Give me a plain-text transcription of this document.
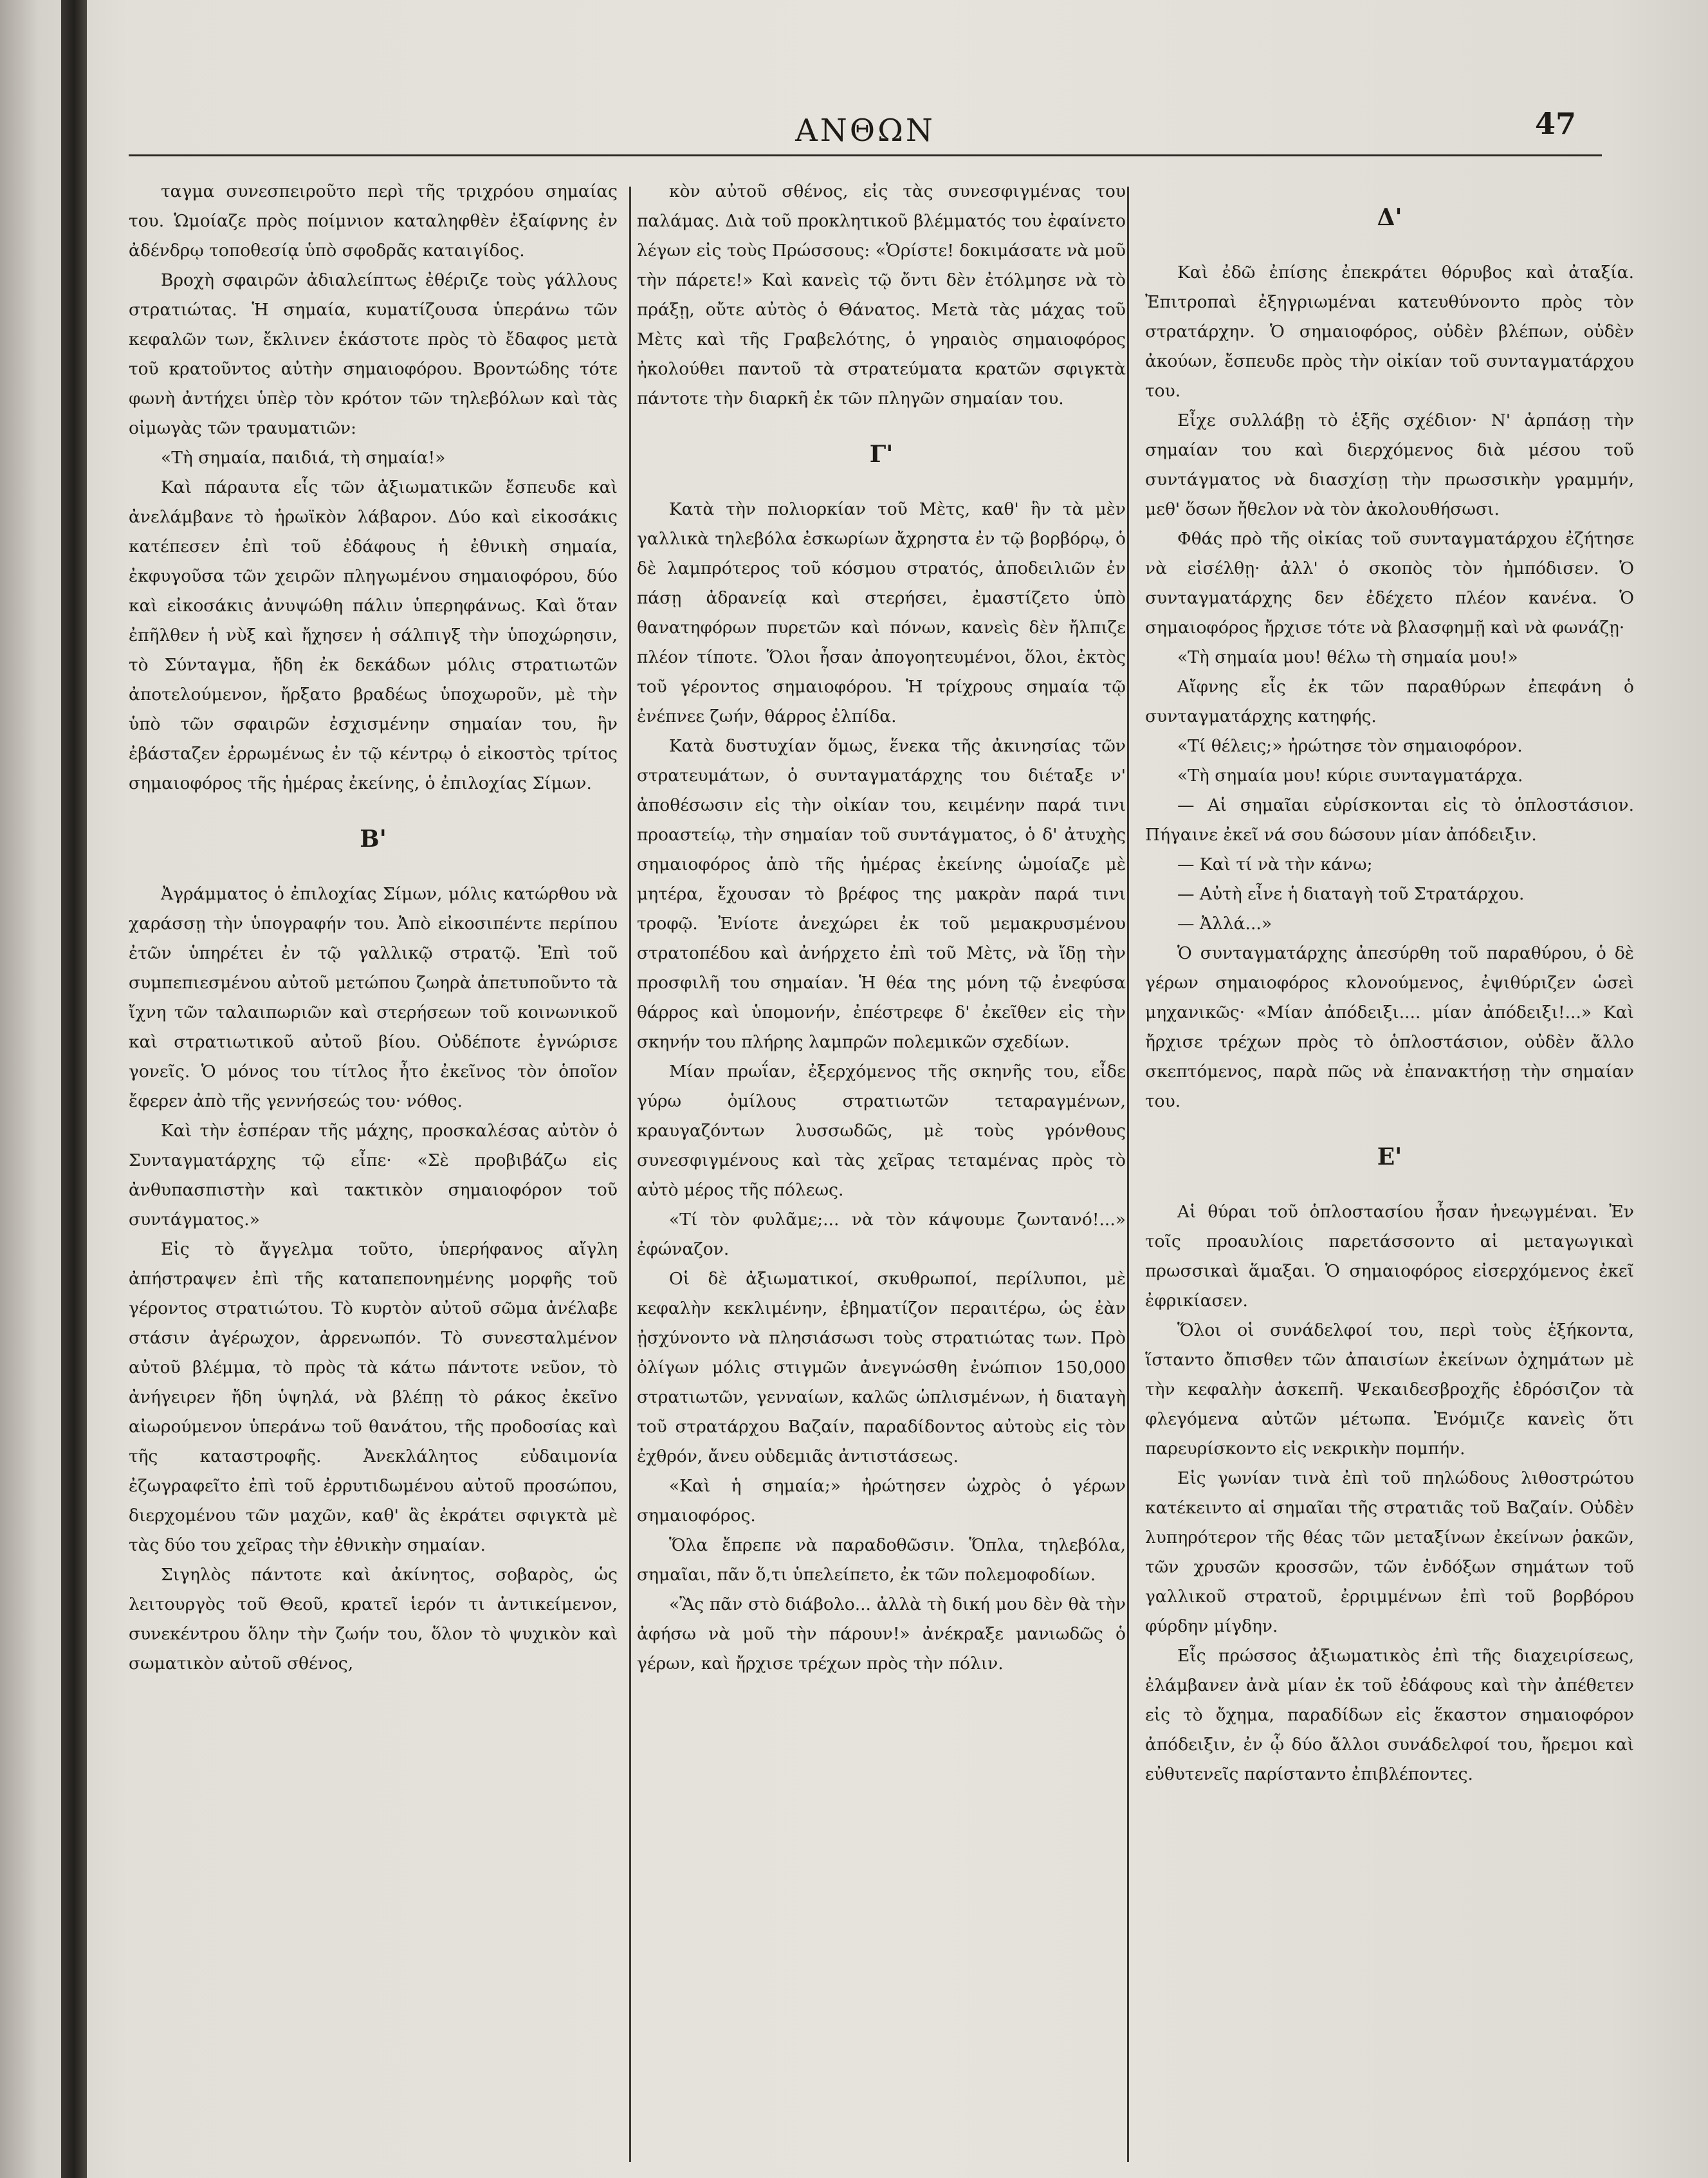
ΑΝΘΩΝ	47

ταγμα συνεσπειροῦτο περὶ τῆς τριχρόου σημαίας του. Ὡμοίαζε πρὸς ποίμνιον καταληφθὲν ἐξαίφνης ἐν ἀδένδρῳ τοποθεσίᾳ ὑπὸ σφοδρᾶς καταιγίδος.

Βροχὴ σφαιρῶν ἀδιαλείπτως ἐθέριζε τοὺς γάλλους στρατιώτας. Ἡ σημαία, κυματίζουσα ὑπεράνω τῶν κεφαλῶν των, ἔκλινεν ἑκάστοτε πρὸς τὸ ἔδαφος μετὰ τοῦ κρατοῦντος αὐτὴν σημαιοφόρου. Βροντώδης τότε φωνὴ ἀντήχει ὑπὲρ τὸν κρότον τῶν τηλεβόλων καὶ τὰς οἰμωγὰς τῶν τραυματιῶν:

«Τὴ σημαία, παιδιά, τὴ σημαία!»

Καὶ πάραυτα εἷς τῶν ἀξιωματικῶν ἔσπευδε καὶ ἀνελάμβανε τὸ ἡρωϊκὸν λάβαρον. Δύο καὶ εἰκοσάκις κατέπεσεν ἐπὶ τοῦ ἐδάφους ἡ ἐθνικὴ σημαία, ἐκφυγοῦσα τῶν χειρῶν πληγωμένου σημαιοφόρου, δύο καὶ εἰκοσάκις ἀνυψώθη πάλιν ὑπερηφάνως. Καὶ ὅταν ἐπῆλθεν ἡ νὺξ καὶ ἤχησεν ἡ σάλπιγξ τὴν ὑποχώρησιν, τὸ Σύνταγμα, ἤδη ἐκ δεκάδων μόλις στρατιωτῶν ἀποτελούμενον, ἤρξατο βραδέως ὑποχωροῦν, μὲ τὴν ὑπὸ τῶν σφαιρῶν ἐσχισμένην σημαίαν του, ἣν ἐβάσταζεν ἐρρωμένως ἐν τῷ κέντρῳ ὁ εἰκοστὸς τρίτος σημαιοφόρος τῆς ἡμέρας ἐκείνης, ὁ ἐπιλοχίας Σίμων.

Β'

Ἀγράμματος ὁ ἐπιλοχίας Σίμων, μόλις κατώρθου νὰ χαράσσῃ τὴν ὑπογραφήν του. Ἀπὸ εἰκοσιπέντε περίπου ἐτῶν ὑπηρέτει ἐν τῷ γαλλικῷ στρατῷ. Ἐπὶ τοῦ συμπεπιεσμένου αὐτοῦ μετώπου ζωηρὰ ἀπετυποῦντο τὰ ἴχνη τῶν ταλαιπωριῶν καὶ στερήσεων τοῦ κοινωνικοῦ καὶ στρατιωτικοῦ αὐτοῦ βίου. Οὐδέποτε ἐγνώρισε γονεῖς. Ὁ μόνος του τίτλος ἦτο ἐκεῖνος τὸν ὁποῖον ἔφερεν ἀπὸ τῆς γεννήσεώς του· νόθος.

Καὶ τὴν ἑσπέραν τῆς μάχης, προσκαλέσας αὐτὸν ὁ Συνταγματάρχης τῷ εἶπε· «Σὲ προβιβάζω εἰς ἀνθυπασπιστὴν καὶ τακτικὸν σημαιοφόρον τοῦ συντάγματος.»

Εἰς τὸ ἄγγελμα τοῦτο, ὑπερήφανος αἴγλη ἀπήστραψεν ἐπὶ τῆς καταπεπονημένης μορφῆς τοῦ γέροντος στρατιώτου. Τὸ κυρτὸν αὐτοῦ σῶμα ἀνέλαβε στάσιν ἀγέρωχον, ἀρρενωπόν. Τὸ συνεσταλμένον αὐτοῦ βλέμμα, τὸ πρὸς τὰ κάτω πάντοτε νεῦον, τὸ ἀνήγειρεν ἤδη ὑψηλά, νὰ βλέπῃ τὸ ράκος ἐκεῖνο αἰωρούμενον ὑπεράνω τοῦ θανάτου, τῆς προδοσίας καὶ τῆς καταστροφῆς. Ἀνεκλάλητος εὐδαιμονία ἐζωγραφεῖτο ἐπὶ τοῦ ἐρρυτιδωμένου αὐτοῦ προσώπου, διερχομένου τῶν μαχῶν, καθ' ἃς ἐκράτει σφιγκτὰ μὲ τὰς δύο του χεῖρας τὴν ἐθνικὴν σημαίαν.

Σιγηλὸς πάντοτε καὶ ἀκίνητος, σοβαρὸς, ὡς λειτουργὸς τοῦ Θεοῦ, κρατεῖ ἱερόν τι ἀντικείμενον, συνεκέντρου ὅλην τὴν ζωήν του, ὅλον τὸ ψυχικὸν καὶ σωματικὸν αὐτοῦ σθένος,

κὸν αὐτοῦ σθένος, εἰς τὰς συνεσφιγμένας του παλάμας. Διὰ τοῦ προκλητικοῦ βλέμματός του ἐφαίνετο λέγων εἰς τοὺς Πρώσσους: «Ὁρίστε! δοκιμάσατε νὰ μοῦ τὴν πάρετε!» Καὶ κανεὶς τῷ ὄντι δὲν ἐτόλμησε νὰ τὸ πράξῃ, οὔτε αὐτὸς ὁ Θάνατος. Μετὰ τὰς μάχας τοῦ Μὲτς καὶ τῆς Γραβελότης, ὁ γηραιὸς σημαιοφόρος ἠκολούθει παντοῦ τὰ στρατεύματα κρατῶν σφιγκτὰ πάντοτε τὴν διαρκῆ ἐκ τῶν πληγῶν σημαίαν του.

Γ'

Κατὰ τὴν πολιορκίαν τοῦ Μὲτς, καθ' ἣν τὰ μὲν γαλλικὰ τηλεβόλα ἐσκωρίων ἄχρηστα ἐν τῷ βορβόρῳ, ὁ δὲ λαμπρότερος τοῦ κόσμου στρατός, ἀποδειλιῶν ἐν πάσῃ ἀδρανείᾳ καὶ στερήσει, ἐμαστίζετο ὑπὸ θανατηφόρων πυρετῶν καὶ πόνων, κανεὶς δὲν ἤλπιζε πλέον τίποτε. Ὅλοι ἦσαν ἀπογοητευμένοι, ὅλοι, ἐκτὸς τοῦ γέροντος σημαιοφόρου. Ἡ τρίχρους σημαία τῷ ἐνέπνεε ζωήν, θάρρος ἐλπίδα.

Κατὰ δυστυχίαν ὅμως, ἕνεκα τῆς ἀκινησίας τῶν στρατευμάτων, ὁ συνταγματάρχης του διέταξε ν' ἀποθέσωσιν εἰς τὴν οἰκίαν του, κειμένην παρά τινι προαστείῳ, τὴν σημαίαν τοῦ συντάγματος, ὁ δ' ἀτυχὴς σημαιοφόρος ἀπὸ τῆς ἡμέρας ἐκείνης ὡμοίαζε μὲ μητέρα, ἔχουσαν τὸ βρέφος της μακρὰν παρά τινι τροφῷ. Ἐνίοτε ἀνεχώρει ἐκ τοῦ μεμακρυσμένου στρατοπέδου καὶ ἀνήρχετο ἐπὶ τοῦ Μὲτς, νὰ ἴδῃ τὴν προσφιλῆ του σημαίαν. Ἡ θέα της μόνη τῷ ἐνεφύσα θάρρος καὶ ὑπομονήν, ἐπέστρεφε δ' ἐκεῖθεν εἰς τὴν σκηνήν του πλήρης λαμπρῶν πολεμικῶν σχεδίων.

Μίαν πρωΐαν, ἐξερχόμενος τῆς σκηνῆς του, εἶδε γύρω ὁμίλους στρατιωτῶν τεταραγμένων, κραυγαζόντων λυσσωδῶς, μὲ τοὺς γρόνθους συνεσφιγμένους καὶ τὰς χεῖρας τεταμένας πρὸς τὸ αὐτὸ μέρος τῆς πόλεως.

«Τί τὸν φυλᾶμε;... νὰ τὸν κάψουμε ζωντανό!...» ἐφώναζον.

Οἱ δὲ ἀξιωματικοί, σκυθρωποί, περίλυποι, μὲ κεφαλὴν κεκλιμένην, ἐβηματίζον περαιτέρω, ὡς ἐὰν ᾐσχύνοντο νὰ πλησιάσωσι τοὺς στρατιώτας των. Πρὸ ὀλίγων μόλις στιγμῶν ἀνεγνώσθη ἐνώπιον 150,000 στρατιωτῶν, γενναίων, καλῶς ὡπλισμένων, ἡ διαταγὴ τοῦ στρατάρχου Βαζαίν, παραδίδοντος αὐτοὺς εἰς τὸν ἐχθρόν, ἄνευ οὐδεμιᾶς ἀντιστάσεως.

«Καὶ ἡ σημαία;» ἠρώτησεν ὠχρὸς ὁ γέρων σημαιοφόρος.

Ὅλα ἔπρεπε νὰ παραδοθῶσιν. Ὅπλα, τηλεβόλα, σημαῖαι, πᾶν ὅ,τι ὑπελείπετο, ἐκ τῶν πολεμοφοδίων.

«Ἂς πᾶν στὸ διάβολο... ἀλλὰ τὴ δική μου δὲν θὰ τὴν ἀφήσω νὰ μοῦ τὴν πάρουν!» ἀνέκραξε μανιωδῶς ὁ γέρων, καὶ ἤρχισε τρέχων πρὸς τὴν πόλιν.

Δ'

Καὶ ἐδῶ ἐπίσης ἐπεκράτει θόρυβος καὶ ἀταξία. Ἐπιτροπαὶ ἐξηγριωμέναι κατευθύνοντο πρὸς τὸν στρατάρχην. Ὁ σημαιοφόρος, οὐδὲν βλέπων, οὐδὲν ἀκούων, ἔσπευδε πρὸς τὴν οἰκίαν τοῦ συνταγματάρχου του.

Εἶχε συλλάβῃ τὸ ἑξῆς σχέδιον· Ν' ἁρπάσῃ τὴν σημαίαν του καὶ διερχόμενος διὰ μέσου τοῦ συντάγματος νὰ διασχίσῃ τὴν πρωσσικὴν γραμμήν, μεθ' ὅσων ἤθελον νὰ τὸν ἀκολουθήσωσι.

Φθάς πρὸ τῆς οἰκίας τοῦ συνταγματάρχου ἐζήτησε νὰ εἰσέλθῃ· ἀλλ' ὁ σκοπὸς τὸν ἠμπόδισεν. Ὁ συνταγματάρχης δεν ἐδέχετο πλέον κανένα. Ὁ σημαιοφόρος ἤρχισε τότε νὰ βλασφημῇ καὶ νὰ φωνάζῃ·

«Τὴ σημαία μου! θέλω τὴ σημαία μου!»

Αἴφνης εἷς ἐκ τῶν παραθύρων ἐπεφάνη ὁ συνταγματάρχης κατηφής.

«Τί θέλεις;» ἠρώτησε τὸν σημαιοφόρον.

«Τὴ σημαία μου! κύριε συνταγματάρχα.

— Αἱ σημαῖαι εὑρίσκονται εἰς τὸ ὁπλοστάσιον. Πήγαινε ἐκεῖ νά σου δώσουν μίαν ἀπόδειξιν.

— Καὶ τί νὰ τὴν κάνω;

— Αὐτὴ εἶνε ἡ διαταγὴ τοῦ Στρατάρχου.

— Ἀλλά...»

Ὁ συνταγματάρχης ἀπεσύρθη τοῦ παραθύρου, ὁ δὲ γέρων σημαιοφόρος κλονούμενος, ἐψιθύριζεν ὡσεὶ μηχανικῶς· «Μίαν ἀπόδειξι.... μίαν ἀπόδειξι!...» Καὶ ἤρχισε τρέχων πρὸς τὸ ὁπλοστάσιον, οὐδὲν ἄλλο σκεπτόμενος, παρὰ πῶς νὰ ἐπανακτήσῃ τὴν σημαίαν του.

Ε'

Αἱ θύραι τοῦ ὁπλοστασίου ἦσαν ἠνεῳγμέναι. Ἐν τοῖς προαυλίοις παρετάσσοντο αἱ μεταγωγικαὶ πρωσσικαὶ ἅμαξαι. Ὁ σημαιοφόρος εἰσερχόμενος ἐκεῖ ἐφρικίασεν.

Ὅλοι οἱ συνάδελφοί του, περὶ τοὺς ἑξήκοντα, ἵσταντο ὄπισθεν τῶν ἀπαισίων ἐκείνων ὀχημάτων μὲ τὴν κεφαλὴν ἀσκεπῆ. Ψεκαιδεσβροχῆς ἐδρόσιζον τὰ φλεγόμενα αὐτῶν μέτωπα. Ἐνόμιζε κανεὶς ὅτι παρευρίσκοντο εἰς νεκρικὴν πομπήν.

Εἰς γωνίαν τινὰ ἐπὶ τοῦ πηλώδους λιθοστρώτου κατέκειντο αἱ σημαῖαι τῆς στρατιᾶς τοῦ Βαζαίν. Οὐδὲν λυπηρότερον τῆς θέας τῶν μεταξίνων ἐκείνων ῥακῶν, τῶν χρυσῶν κροσσῶν, τῶν ἐνδόξων σημάτων τοῦ γαλλικοῦ στρατοῦ, ἐρριμμένων ἐπὶ τοῦ βορβόρου φύρδην μίγδην.

Εἷς πρώσσος ἀξιωματικὸς ἐπὶ τῆς διαχειρίσεως, ἐλάμβανεν ἀνὰ μίαν ἐκ τοῦ ἐδάφους καὶ τὴν ἀπέθετεν εἰς τὸ ὄχημα, παραδίδων εἰς ἕκαστον σημαιοφόρον ἀπόδειξιν, ἐν ᾧ δύο ἄλλοι συνάδελφοί του, ἤρεμοι καὶ εὐθυτενεῖς παρίσταντο ἐπιβλέποντες.
